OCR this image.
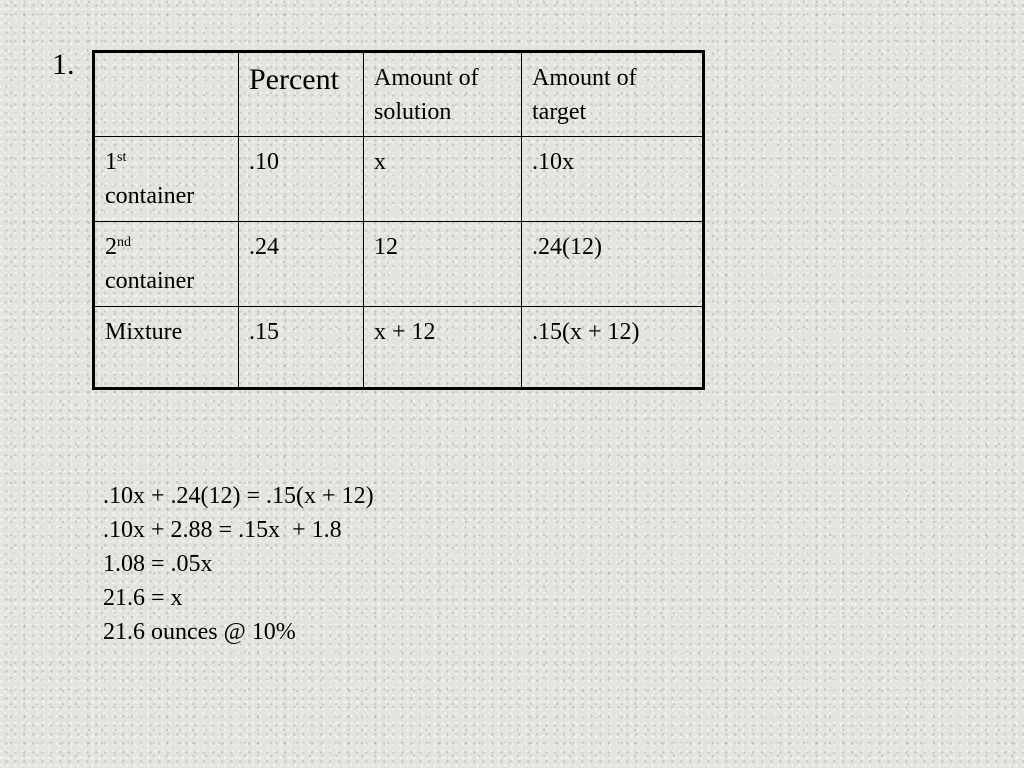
1.
		Percent	Amount of solution	Amount of target
1st
container	.10	x	.10x
2nd
container	.24	12	.24(12)
Mixture	.15	x + 12	.15(x + 12)
.10x + .24(12) = .15(x + 12)
.10x + 2.88 = .15x  + 1.8
1.08 = .05x
21.6 = x
21.6 ounces @ 10%
